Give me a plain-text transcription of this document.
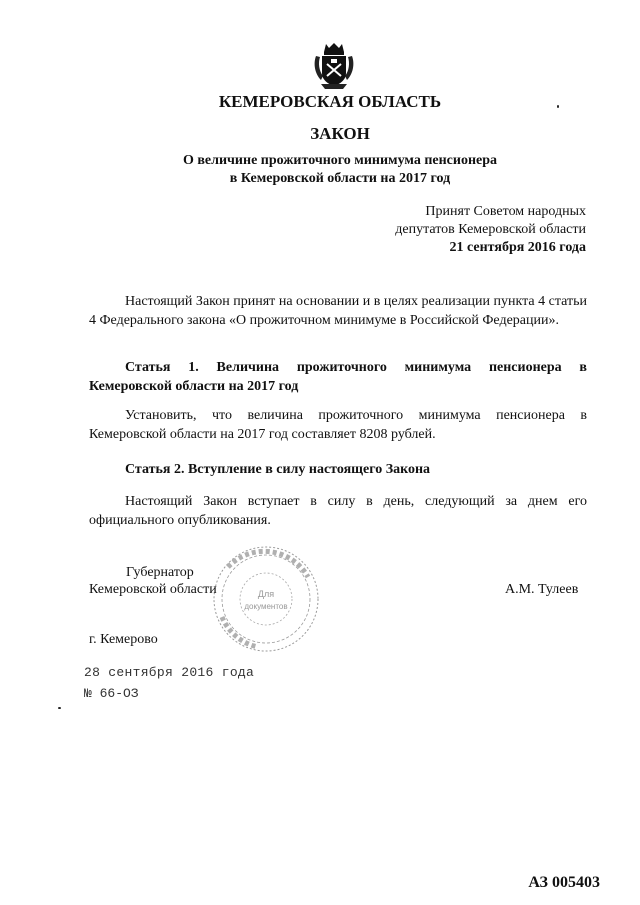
КЕМЕРОВСКАЯ ОБЛАСТЬ
ЗАКОН
О величине прожиточного минимума пенсионера
в Кемеровской области на 2017 год
Принят Советом народных
депутатов Кемеровской области
21 сентября 2016 года
Настоящий Закон принят на основании и в целях реализации пункта 4 статьи 4 Федерального закона «О прожиточном минимуме в Российской Федерации».
Статья 1. Величина прожиточного минимума пенсионера в Кемеровской области на 2017 год
Установить, что величина прожиточного минимума пенсионера в Кемеровской области на 2017 год составляет 8208 рублей.
Статья 2. Вступление в силу настоящего Закона
Настоящий Закон вступает в силу в день, следующий за днем его официального опубликования.
Для
документов
Губернатор
Кемеровской области	А.М. Тулеев
г. Кемерово
28 сентября 2016 года
№ 66-ОЗ
АЗ 005403
